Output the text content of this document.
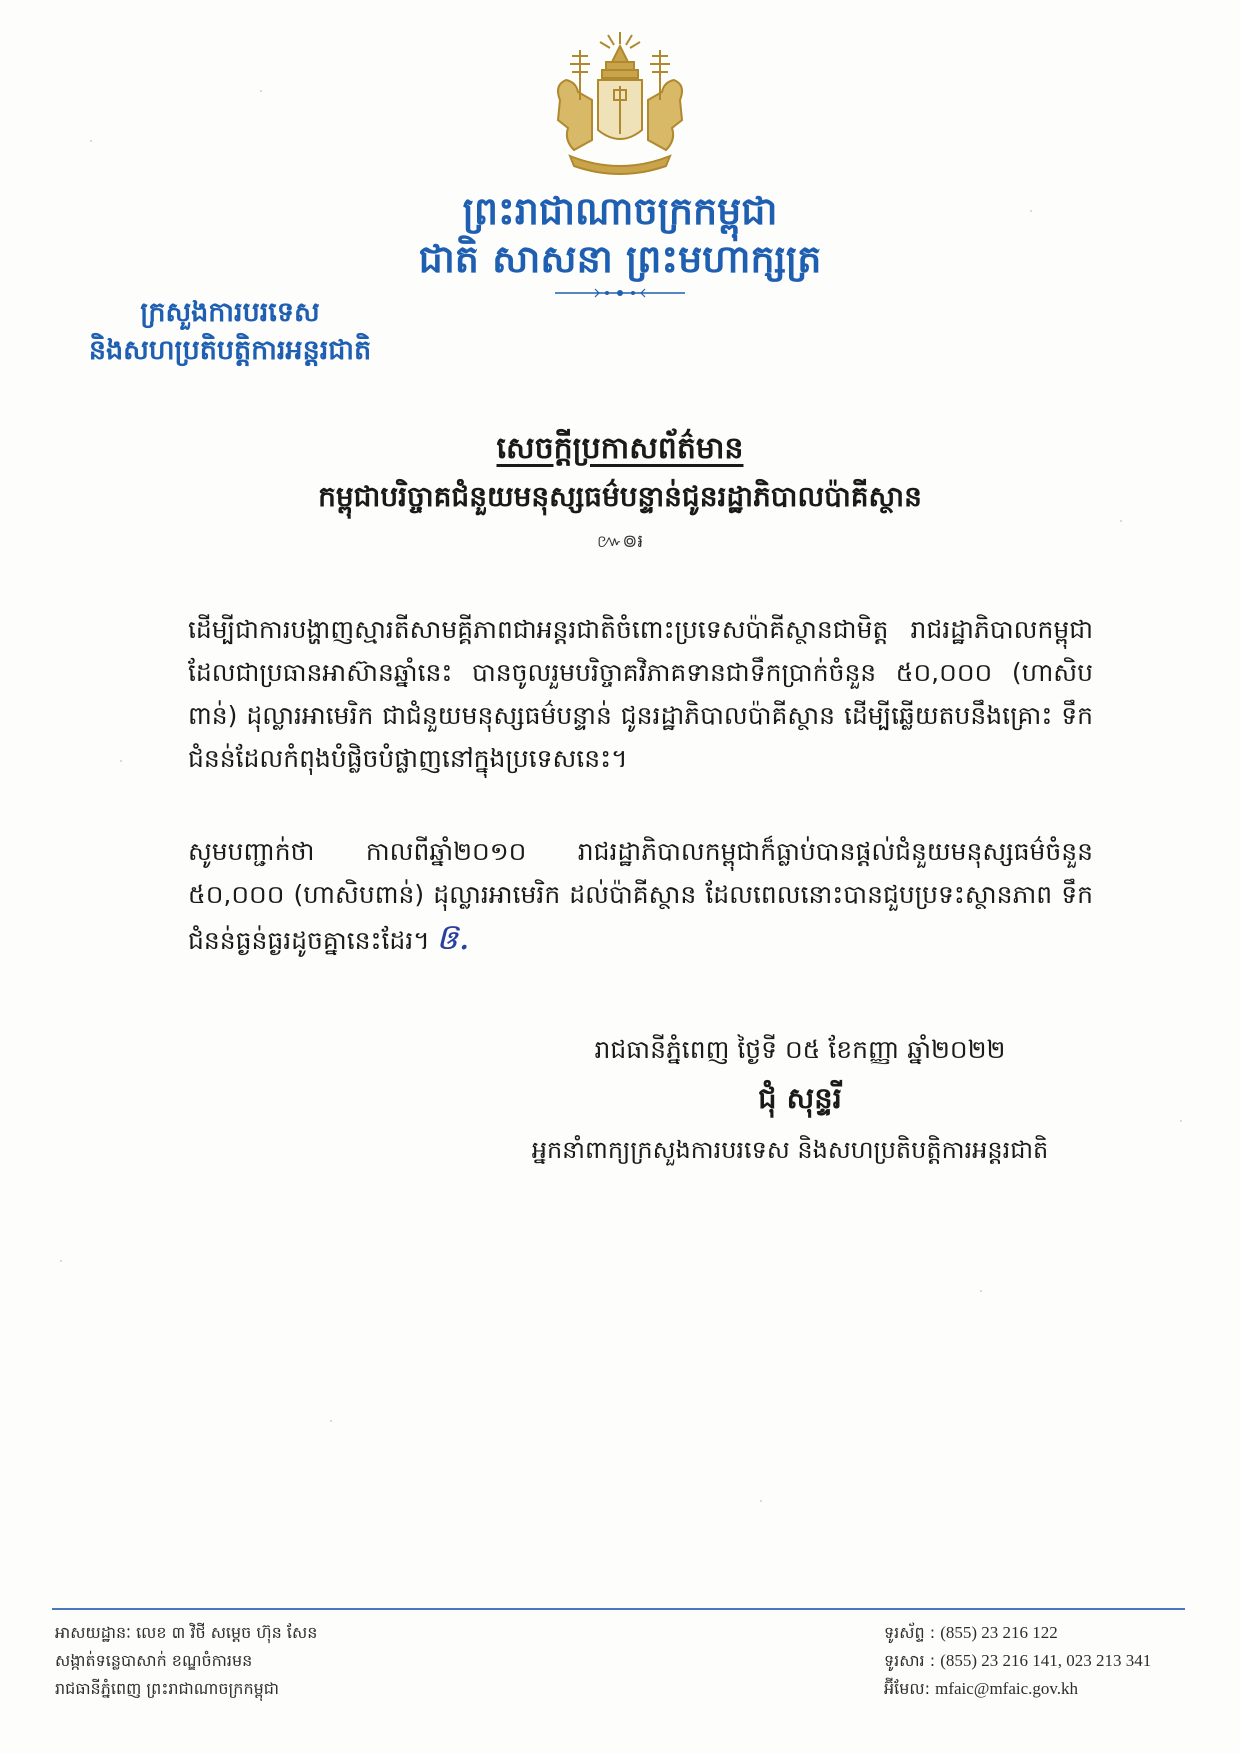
ព្រះរាជាណាចក្រកម្ពុជា
ជាតិ សាសនា ព្រះមហាក្សត្រ
ក្រសួងការបរទេស
និងសហប្រតិបត្តិការអន្តរជាតិ
សេចក្តីប្រកាសព័ត៌មាន
កម្ពុជាបរិច្ចាគជំនួយមនុស្សធម៌បន្ទាន់ជូនរដ្ឋាភិបាលប៉ាគីស្ថាន
៚៙៛
ដើម្បីជាការបង្ហាញស្មារតីសាមគ្គីភាពជាអន្តរជាតិចំពោះប្រទេសប៉ាគីស្ថានជាមិត្ត រាជរដ្ឋាភិបាលកម្ពុជា ដែលជាប្រធានអាស៊ានឆ្នាំនេះ បានចូលរួមបរិច្ចាគវិភាគទានជាទឹកប្រាក់ចំនួន ៥០,០០០ (ហាសិប ពាន់) ដុល្លារអាមេរិក ជាជំនួយមនុស្សធម៌បន្ទាន់ ជូនរដ្ឋាភិបាលប៉ាគីស្ថាន ដើម្បីឆ្លើយតបនឹងគ្រោះ ទឹកជំនន់ដែលកំពុងបំផ្លិចបំផ្លាញនៅក្នុងប្រទេសនេះ។
សូមបញ្ជាក់ថា កាលពីឆ្នាំ២០១០ រាជរដ្ឋាភិបាលកម្ពុជាក៏ធ្លាប់បានផ្តល់ជំនួយមនុស្សធម៌ចំនួន ៥០,០០០ (ហាសិបពាន់) ដុល្លារអាមេរិក ដល់ប៉ាគីស្ថាន ដែលពេលនោះបានជួបប្រទះស្ថានភាព ទឹកជំនន់ធ្ងន់ធ្ងរដូចគ្នានេះដែរ។ ឲ.
រាជធានីភ្នំពេញ ថ្ងៃទី ០៥ ខែកញ្ញា ឆ្នាំ២០២២
ជុំ សុន្ទរី
អ្នកនាំពាក្យក្រសួងការបរទេស និងសហប្រតិបត្តិការអន្តរជាតិ
អាសយដ្ឋានៈ លេខ ៣ វិថី សម្តេច ហ៊ុន សែន
សង្កាត់ទន្លេបាសាក់ ខណ្ឌចំការមន
រាជធានីភ្នំពេញ ព្រះរាជាណាចក្រកម្ពុជា
ទូរស័ព្ទ : (855) 23 216 122
ទូរសារ : (855) 23 216 141, 023 213 341
អ៊ីមែល: mfaic@mfaic.gov.kh
